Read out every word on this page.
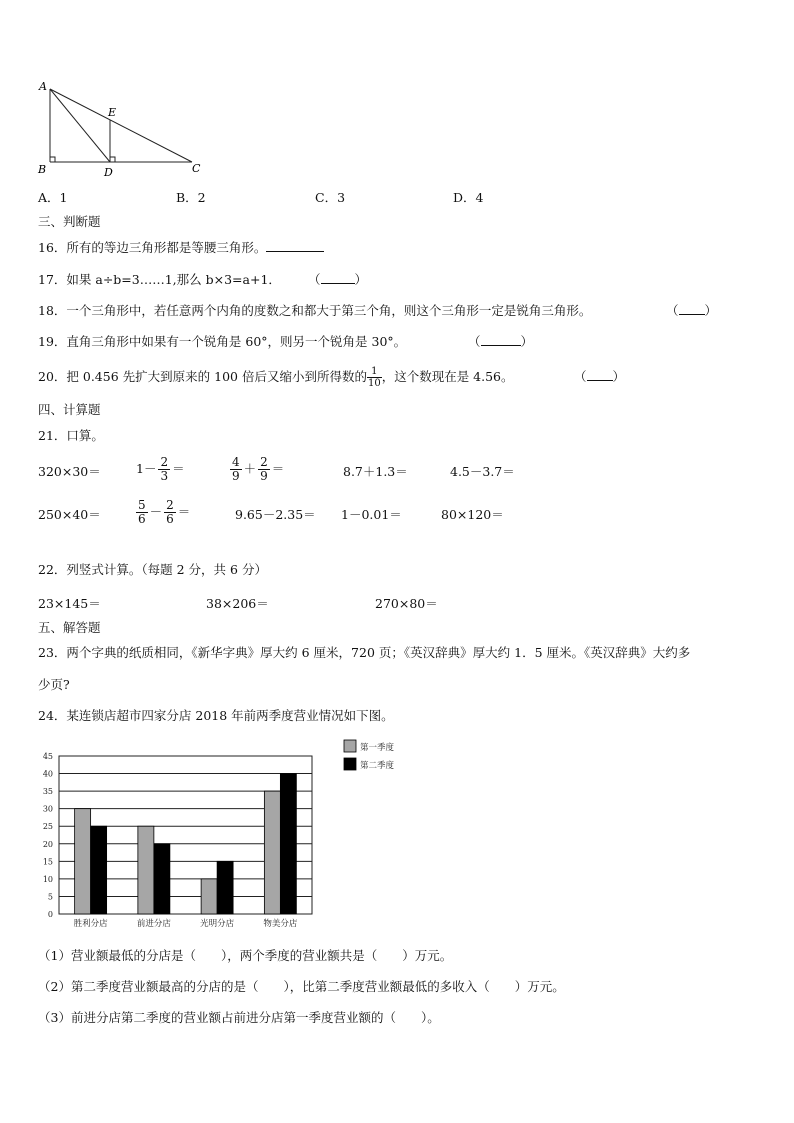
A
B	D
E
C
A．1	B．2	C．3	D．4
三、判断题
16．所有的等边三角形都是等腰三角形。
17．如果 a÷b=3……1,那么 b×3=a+1． （	）
18．一个三角形中，若任意两个内角的度数之和都大于第三个角，则这个三角形一定是锐角三角形。	（ ）
19．直角三角形中如果有一个锐角是 60°，则另一个锐角是 30°。	（	）
20．把 0.456 先扩大到原来的 100 倍后又缩小到所得数的 $\frac{1}{10}$ ，这个数现在是 4.56。	（ ）
四、计算题
21．口算。
320×30＝	$1- \frac{2}{3}$ ＝	$\frac{4}{9} + \frac{2}{9}$ ＝	8.7＋1.3＝	4.5－3.7＝
250×40＝	$\frac{5}{6} - \frac{2}{6}$ ＝	9.65－2.35＝ 1－0.01＝	80×120＝
22．列竖式计算。（每题 2 分，共 6 分）
23×145＝	38×206＝	270×80＝
五、解答题
23．两个字典的纸质相同，《新华字典》厚大约 6 厘米，720 页；《英汉辞典》厚大约 1．5 厘米。《英汉辞典》大约多
少页?
24．某连锁店超市四家分店 2018 年前两季度营业情况如下图。
0
5
10
15
20
25
30
35
40
45
胜利分店	前进分店	光明分店	物美分店
第一季度
第二季度
（1）营业额最低的分店是（　　），两个季度的营业额共是（　　）万元。
（2）第二季度营业额最高的分店的是（　　），比第二季度营业额最低的多收入（　　）万元。
（3）前进分店第二季度的营业额占前进分店第一季度营业额的（　　）。
